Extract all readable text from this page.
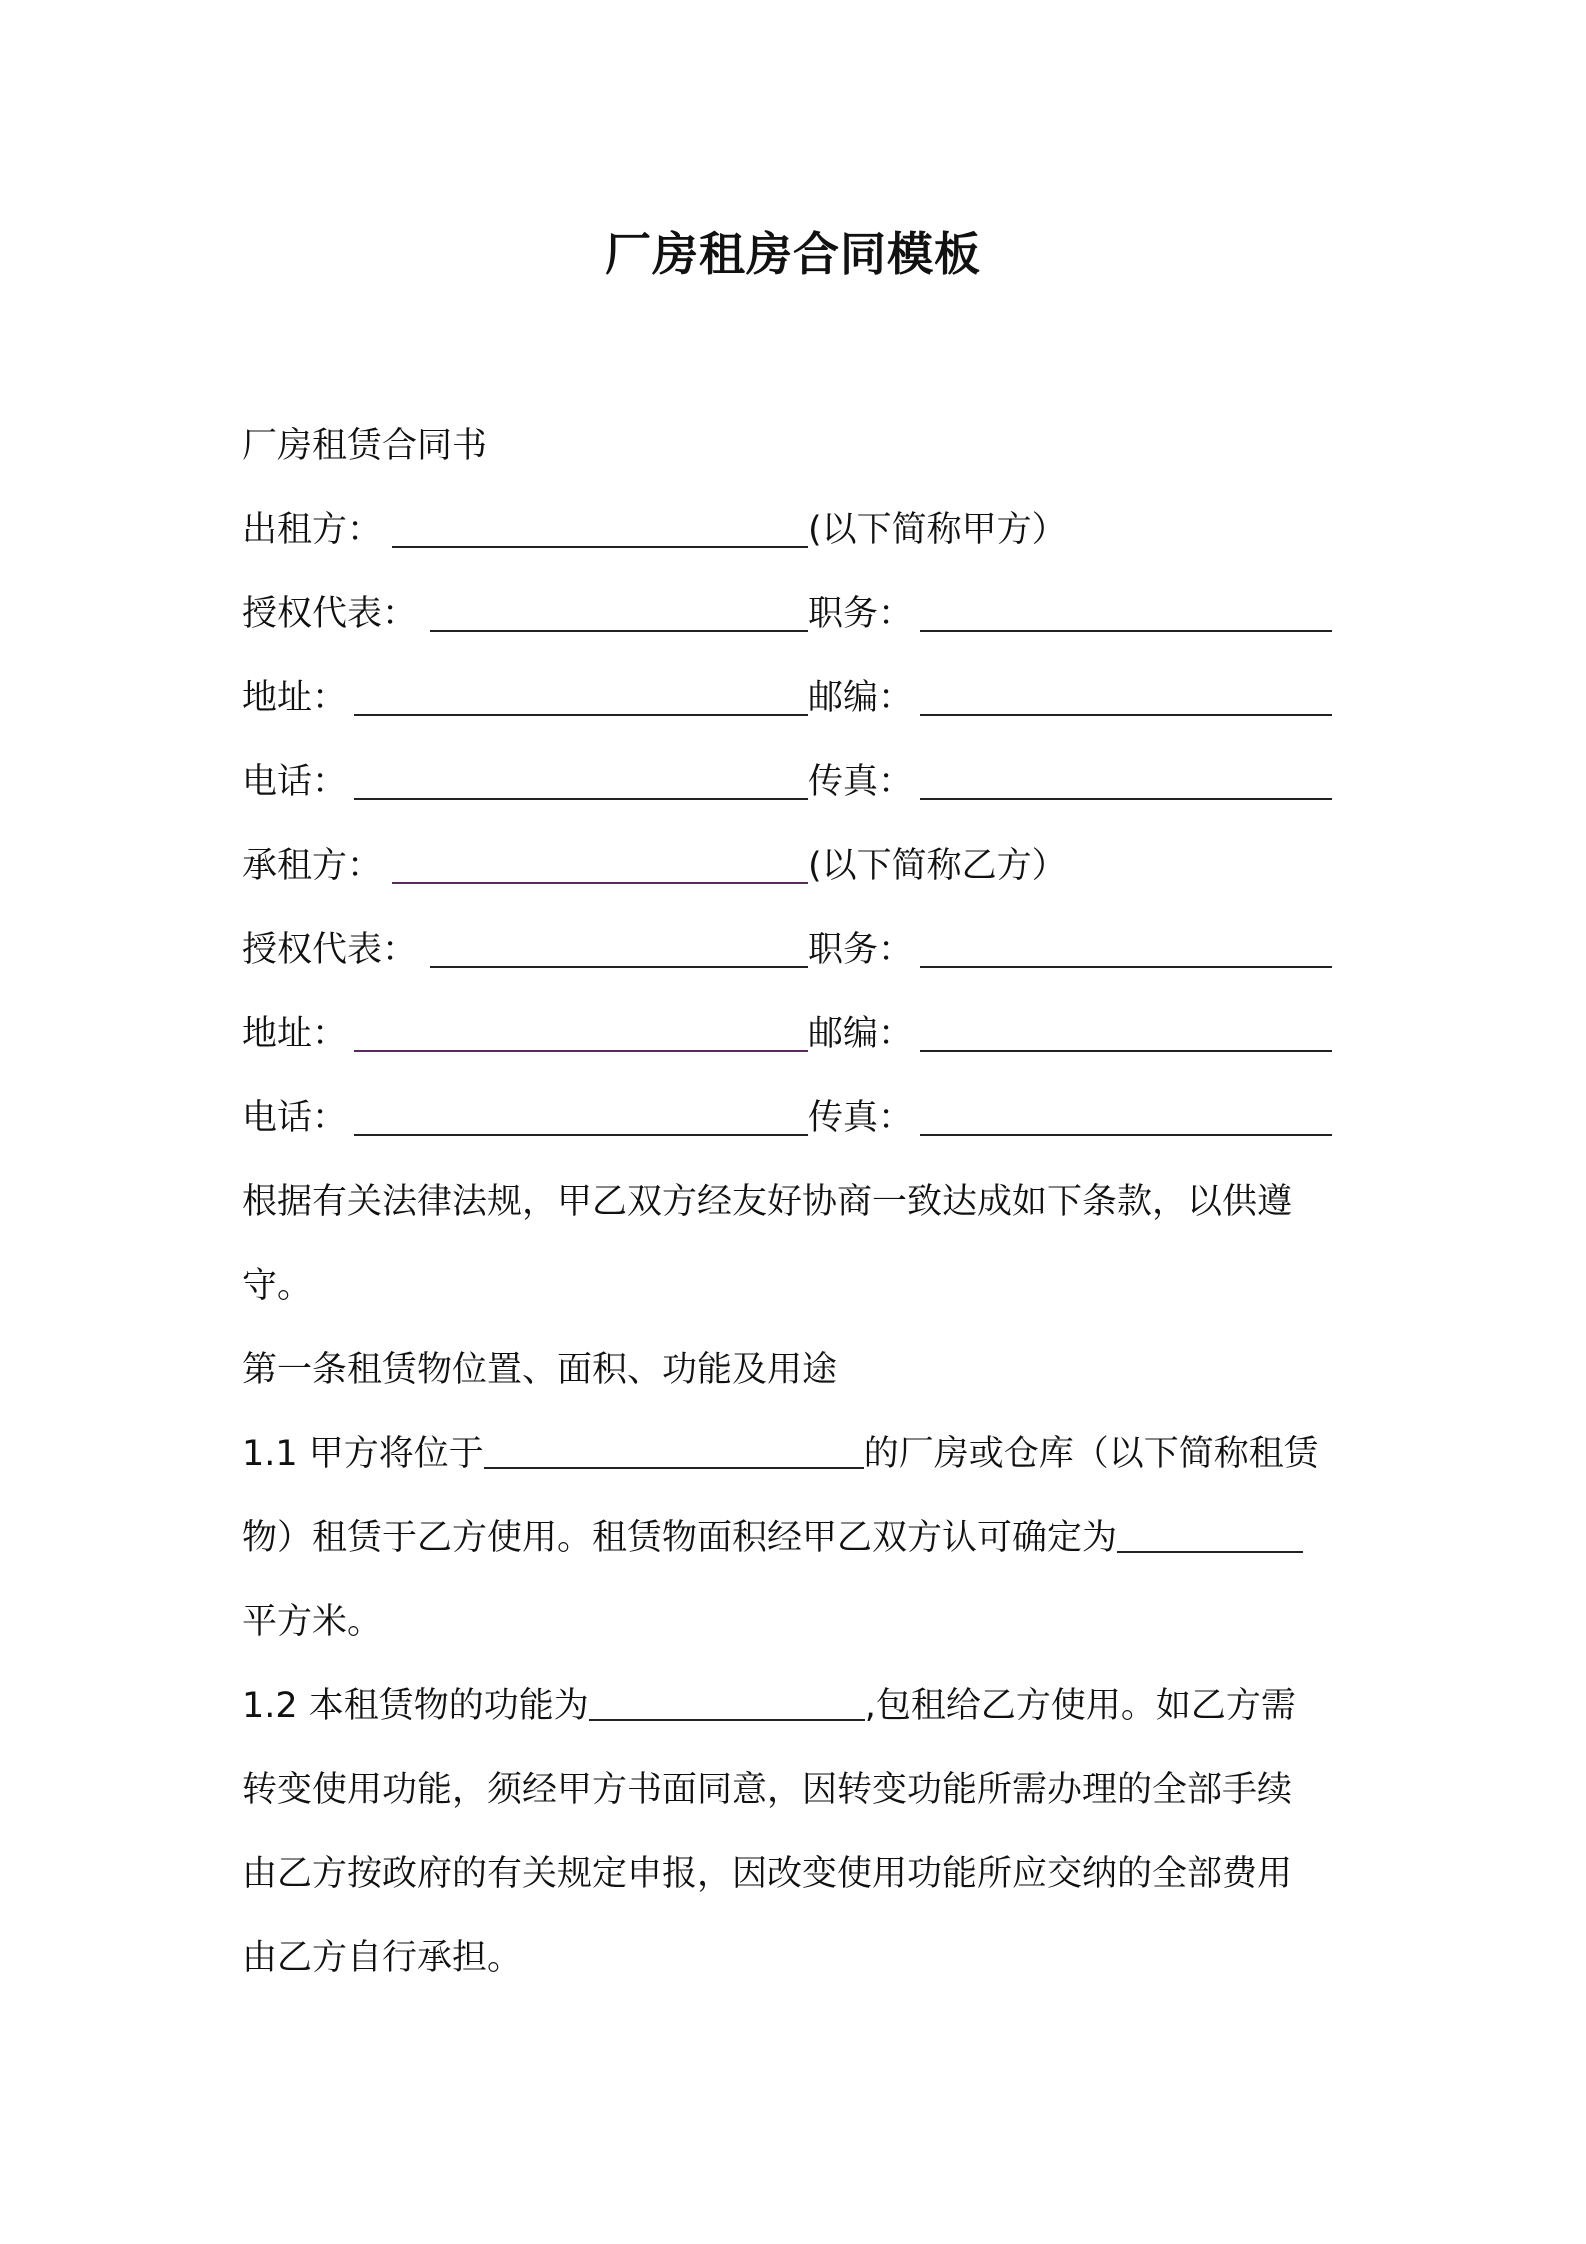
厂房租房合同模板
厂房租赁合同书
出租方：	(以下简称甲方）
授权代表：	职务：
地址：	邮编：
电话：	传真：
承租方：	(以下简称乙方）
授权代表：	职务：
地址：	邮编：
电话：	传真：
根据有关法律法规，甲乙双方经友好协商一致达成如下条款，以供遵
守。
第一条租赁物位置、面积、功能及用途
1.1 甲方将位于	的厂房或仓库（以下简称租赁
物）租赁于乙方使用。租赁物面积经甲乙双方认可确定为
平方米。
1.2 本租赁物的功能为	,包租给乙方使用。如乙方需
转变使用功能，须经甲方书面同意，因转变功能所需办理的全部手续
由乙方按政府的有关规定申报，因改变使用功能所应交纳的全部费用
由乙方自行承担。
